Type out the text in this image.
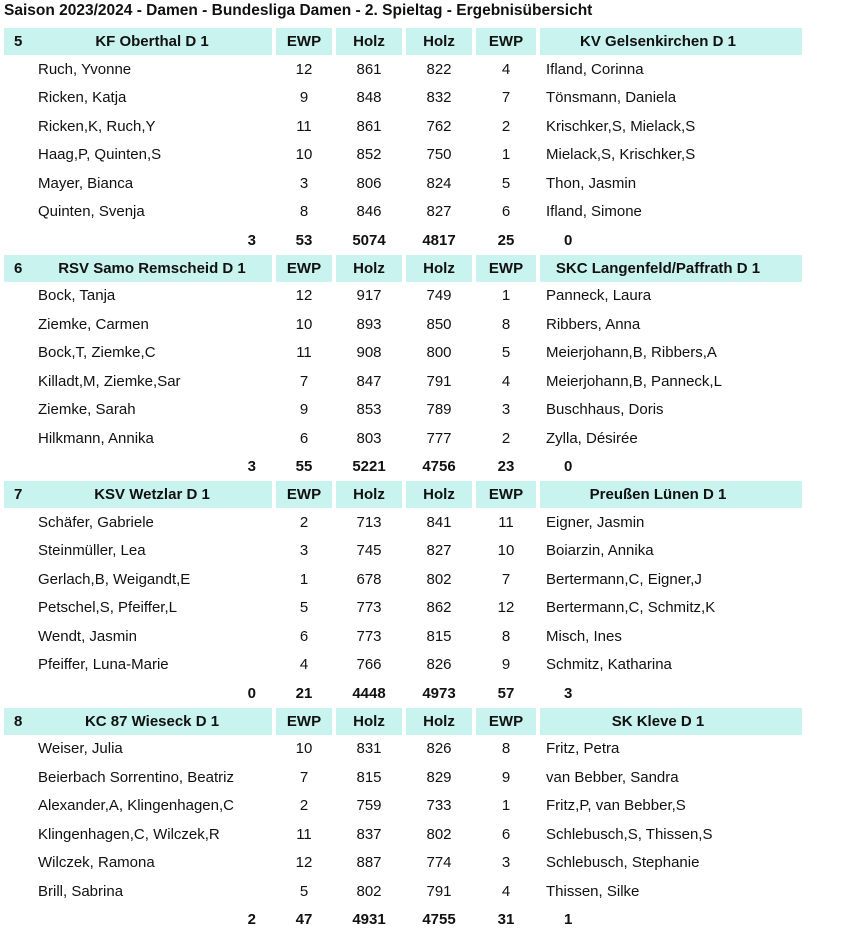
Saison 2023/2024 - Damen - Bundesliga Damen - 2. Spieltag - Ergebnisübersicht
5	KF Oberthal D 1		EWP		Holz		Holz		EWP		KV Gelsenkirchen D 1	
Ruch, Yvonne			12		861		822		4		Ifland, Corinna	
Ricken, Katja			9		848		832		7		Tönsmann, Daniela	
Ricken,K, Ruch,Y			11		861		762		2		Krischker,S, Mielack,S	
Haag,P, Quinten,S			10		852		750		1		Mielack,S, Krischker,S	
Mayer, Bianca			3		806		824		5		Thon, Jasmin	
Quinten, Svenja			8		846		827		6		Ifland, Simone	
3			53		5074		4817		25		0	
6	RSV Samo Remscheid D 1		EWP		Holz		Holz		EWP		SKC Langenfeld/Paffrath D 1	
Bock, Tanja			12		917		749		1		Panneck, Laura	
Ziemke, Carmen			10		893		850		8		Ribbers, Anna	
Bock,T, Ziemke,C			11		908		800		5		Meierjohann,B, Ribbers,A	
Killadt,M, Ziemke,Sar			7		847		791		4		Meierjohann,B, Panneck,L	
Ziemke, Sarah			9		853		789		3		Buschhaus, Doris	
Hilkmann, Annika			6		803		777		2		Zylla, Désirée	
3			55		5221		4756		23		0	
7	KSV Wetzlar D 1		EWP		Holz		Holz		EWP		Preußen Lünen D 1	
Schäfer, Gabriele			2		713		841		11		Eigner, Jasmin	
Steinmüller, Lea			3		745		827		10		Boiarzin, Annika	
Gerlach,B, Weigandt,E			1		678		802		7		Bertermann,C, Eigner,J	
Petschel,S, Pfeiffer,L			5		773		862		12		Bertermann,C, Schmitz,K	
Wendt, Jasmin			6		773		815		8		Misch, Ines	
Pfeiffer, Luna-Marie			4		766		826		9		Schmitz, Katharina	
0			21		4448		4973		57		3	
8	KC 87 Wieseck D 1		EWP		Holz		Holz		EWP		SK Kleve D 1	
Weiser, Julia			10		831		826		8		Fritz, Petra	
Beierbach Sorrentino, Beatriz			7		815		829		9		van Bebber, Sandra	
Alexander,A, Klingenhagen,C			2		759		733		1		Fritz,P, van Bebber,S	
Klingenhagen,C, Wilczek,R			11		837		802		6		Schlebusch,S, Thissen,S	
Wilczek, Ramona			12		887		774		3		Schlebusch, Stephanie	
Brill, Sabrina			5		802		791		4		Thissen, Silke	
2			47		4931		4755		31		1	
